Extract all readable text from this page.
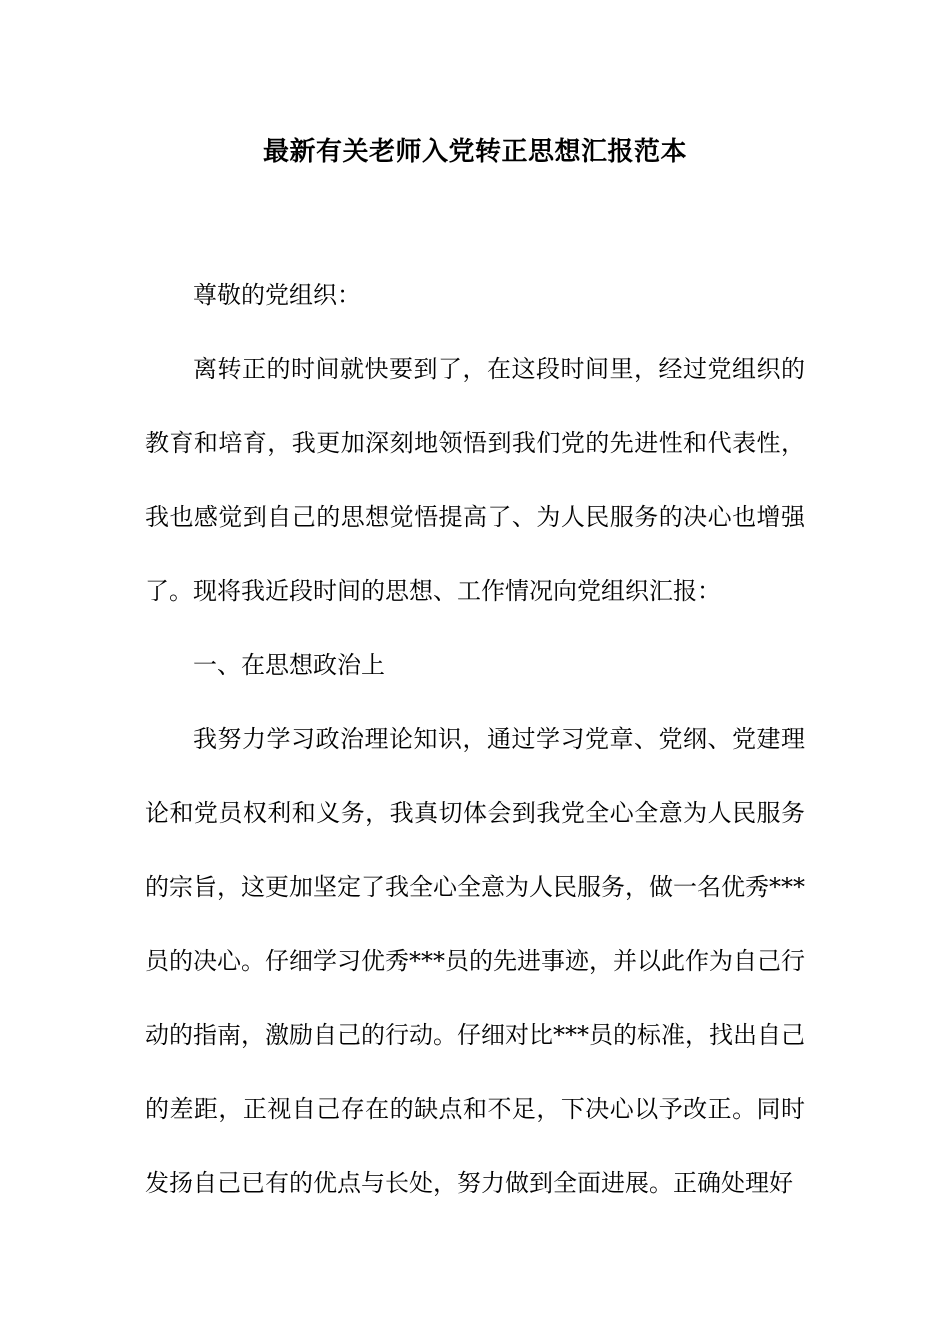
最新有关老师入党转正思想汇报范本

尊敬的党组织：

离转正的时间就快要到了，在这段时间里，经过党组织的教育和培育，我更加深刻地领悟到我们党的先进性和代表性，我也感觉到自己的思想觉悟提高了、为人民服务的决心也增强了。现将我近段时间的思想、工作情况向党组织汇报：

一、在思想政治上

我努力学习政治理论知识，通过学习党章、党纲、党建理论和党员权利和义务，我真切体会到我党全心全意为人民服务的宗旨，这更加坚定了我全心全意为人民服务，做一名优秀***员的决心。仔细学习优秀***员的先进事迹，并以此作为自己行动的指南，激励自己的行动。仔细对比***员的标准，找出自己的差距，正视自己存在的缺点和不足，下决心以予改正。同时发扬自己已有的优点与长处，努力做到全面进展。正确处理好
